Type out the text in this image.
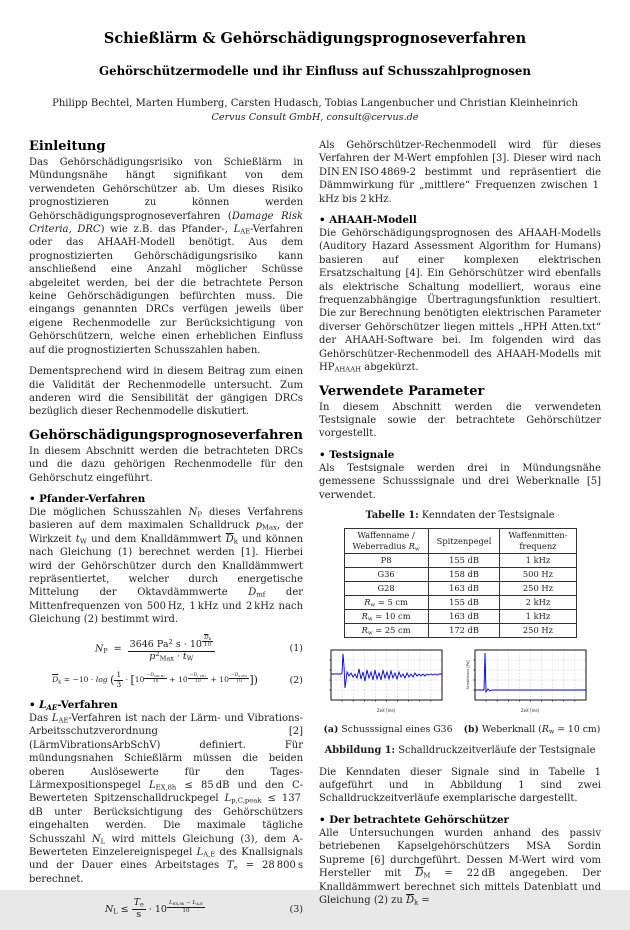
Schießlärm & Gehörschädigungsprognoseverfahren
Gehörschützermodelle und ihr Einfluss auf Schusszahlprognosen
Philipp Bechtel, Marten Humberg, Carsten Hudasch, Tobias Langenbucher und Christian Kleinheinrich
Cervus Consult GmbH, consult@cervus.de
Einleitung

Das Gehörschädigungsrisiko von Schießlärm in Mündungsnähe hängt signifikant von dem verwendeten Gehörschützer ab. Um dieses Risiko prognostizieren zu können werden Gehörschädigungsprognoseverfahren (Damage Risk Criteria, DRC) wie z.B. das Pfander-, $L_{AE}$-Verfahren oder das AHAAH-Modell benötigt. Aus dem prognostizierten Gehörschädigungsrisiko kann anschließend eine Anzahl möglicher Schüsse abgeleitet werden, bei der die betrachtete Person keine Gehörschädigungen befürchten muss. Die eingangs genannten DRCs verfügen jeweils über eigene Rechenmodelle zur Berücksichtigung von Gehörschützern, welche einen erheblichen Einfluss auf die prognostizierten Schusszahlen haben.

Dementsprechend wird in diesem Beitrag zum einen die Validität der Rechenmodelle untersucht. Zum anderen wird die Sensibilität der gängigen DRCs bezüglich dieser Rechenmodelle diskutiert.

Gehörschädigungsprognoseverfahren

In diesem Abschnitt werden die betrachteten DRCs und die dazu gehörigen Rechenmodelle für den Gehörschutz eingeführt.

• Pfander-Verfahren

Die möglichen Schusszahlen $N_P$ dieses Verfahrens basieren auf dem maximalen Schalldruck $p_{Max}$, der Wirkzeit $t_W$ und dem Knalldämmwert $\overline{D}_k$ und können nach Gleichung (1) berechnet werden [1]. Hierbei wird der Gehörschützer durch den Knalldämmwert repräsentiertet, welcher durch energetische Mittelung der Oktavdämmwerte $D_{mf}$ der Mittenfrequenzen von 500 Hz, 1 kHz und 2 kHz nach Gleichung (2) bestimmt wird.

$N_P = 3646$ Pa$^2$ s · 10 $^{\frac{\overline{D}_k}{10}}$
$p^2_{Max} \cdot t_W$	(1)
$\overline{D}_k = -10 \cdot \log$ ( $\frac{1}{3} \cdot [10$ $^{\frac{-D_{500 Hz}}{10}}$ + 10 $^{\frac{-D_{1 kHz}}{10}}$ + 10 $^{\frac{-D_{2 kHz}}{10}}$ ])	(2)
• $L_{AE}$-Verfahren

Das $L_{AE}$-Verfahren ist nach der Lärm- und Vibrations-Arbeitsschutzverordnung [2] (LärmVibrationsArbSchV) definiert. Für mündungsnahen Schießlärm müssen die beiden oberen Auslösewerte für den Tages-Lärmexpositionspegel $L_{EX,8h} \le 85$ dB und den C-Bewerteten Spitzenschalldruckpegel $L_{p,C,peak} \le 137$ dB unter Berücksichtigung des Gehörschützers eingehalten werden. Die maximale tägliche Schusszahl $N_L$ wird mittels Gleichung (3), dem A-Bewerteten Einzelereignispegel $L_{A,E}$ des Knallsignals und der Dauer eines Arbeitstages $T_e = 28$ 800 s berechnet.

$N_L \le \frac{T_e}{s} \cdot 10$ $^{\frac{L_{EX,8h} - L_{A,E}}{10}}$	(3)

Als Gehörschützer-Rechenmodell wird für dieses Verfahren der M-Wert empfohlen [3]. Dieser wird nach DIN EN ISO 4869-2 bestimmt und repräsentiert die Dämmwirkung für „mittlere“ Frequenzen zwischen 1 kHz bis 2 kHz.

• AHAAH-Modell

Die Gehörschädigungsprognosen des AHAAH-Modells (Auditory Hazard Assessment Algorithm for Humans) basieren auf einer komplexen elektrischen Ersatzschaltung [4]. Ein Gehörschützer wird ebenfalls als elektrische Schaltung modelliert, woraus eine frequenzabhängige Übertragungsfunktion resultiert. Die zur Berechnung benötigten elektrischen Parameter diverser Gehörschützer liegen mittels „HPH Atten.txt“ der AHAAH-Software bei. Im folgenden wird das Gehörschützer-Rechenmodell des AHAAH-Modells mit $HP_{AHAAH}$ abgekürzt.

Verwendete Parameter

In diesem Abschnitt werden die verwendeten Testsignale sowie der betrachtete Gehörschützer vorgestellt.

• Testsignale

Als Testsignale werden drei in Mündungsnähe gemessene Schusssignale und drei Weberknalle [5] verwendet.

Tabelle 1: Kenndaten der Testsignale
Waffenname /
Weberradius $R_w$	Spitzenpegel	Waffenmitten-
frequenz
P8	155 dB	1 kHz
G36	158 dB	500 Hz
G28	163 dB	250 Hz
$R_w = 5$ cm	155 dB	2 kHz
$R_w = 10$ cm	163 dB	1 kHz
$R_w = 25$ cm	172 dB	250 Hz
Zeit [ms]
(a) Schusssignal eines G36
Schalldruck [Pa]
Zeit [ms]
(b) Weberknall ($R_w = 10$ cm)
Abbildung 1: Schalldruckzeitverläufe der Testsignale

Die Kenndaten dieser Signale sind in Tabelle 1 aufgeführt und in Abbildung 1 sind zwei Schalldruckzeitverläufe exemplarische dargestellt.

• Der betrachtete Gehörschützer

Alle Untersuchungen wurden anhand des passiv betriebenen Kapselgehörschützers MSA Sordin Supreme [6] durchgeführt. Dessen M-Wert wird vom Hersteller mit $\overline{D}_M = 22$ dB angegeben. Der Knalldämmwert berechnet sich mittels Datenblatt und Gleichung (2) zu $\overline{D}_k$ =
